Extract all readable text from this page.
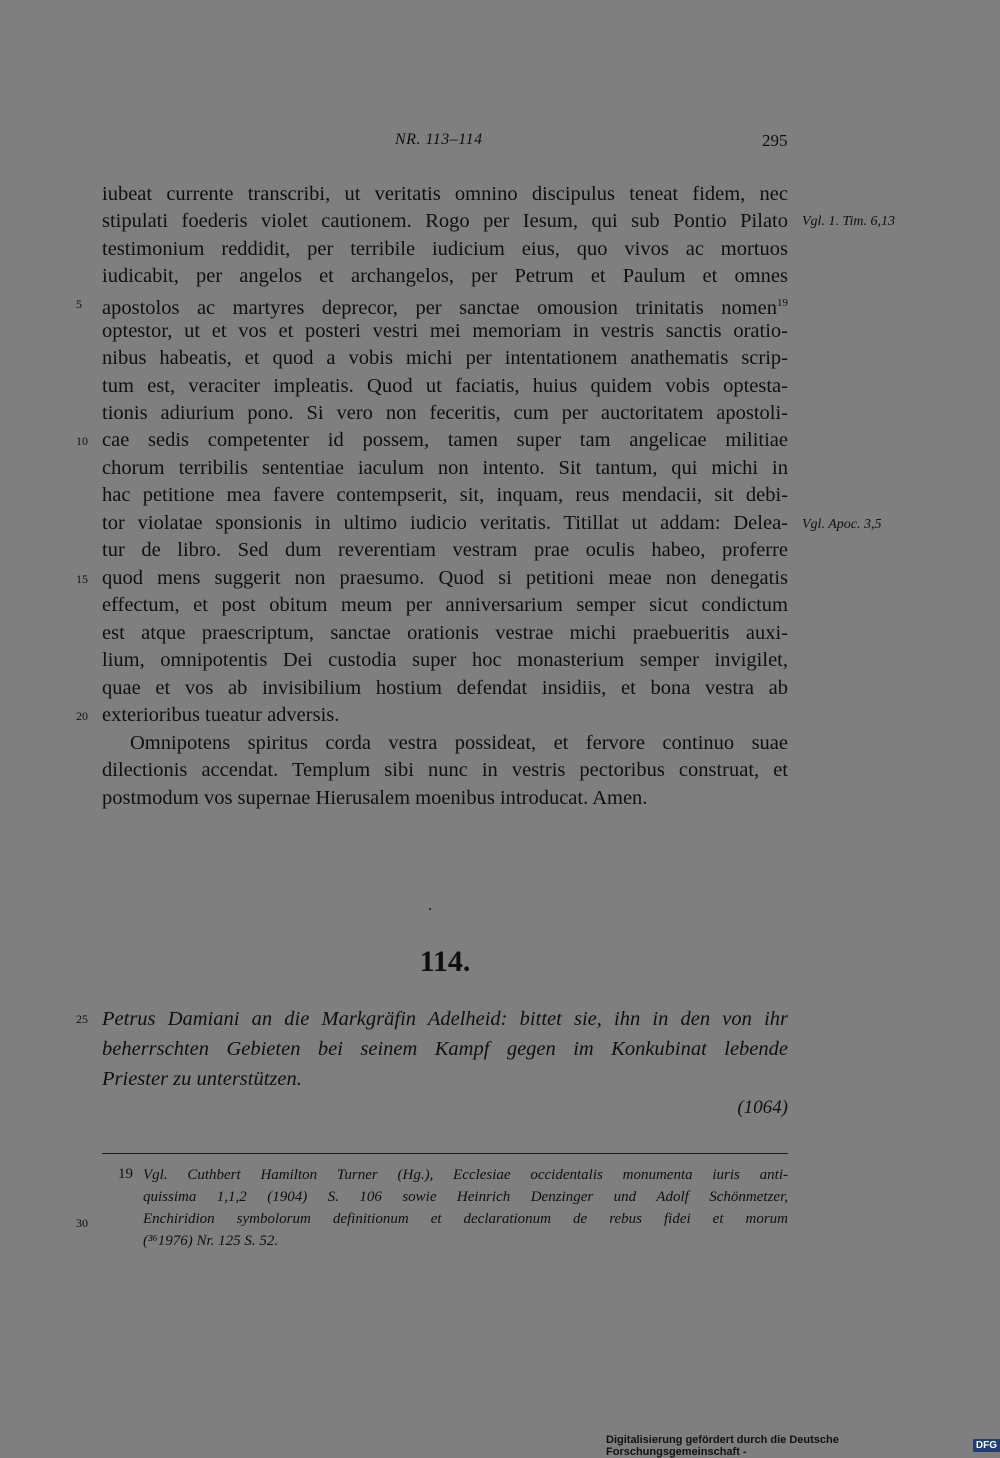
NR. 113–114	295
iubeat currente transcribi, ut veritatis omnino discipulus teneat fidem, nec
stipulati foederis violet cautionem. Rogo per Iesum, qui sub Pontio Pilato
testimonium reddidit, per terribile iudicium eius, quo vivos ac mortuos
iudicabit, per angelos et archangelos, per Petrum et Paulum et omnes
apostolos ac martyres deprecor, per sanctae omousion trinitatis nomen$^{19}$
optestor, ut et vos et posteri vestri mei memoriam in vestris sanctis oratio-
nibus habeatis, et quod a vobis michi per intentationem anathematis scrip-
tum est, veraciter impleatis. Quod ut faciatis, huius quidem vobis optesta-
tionis adiurium pono. Si vero non feceritis, cum per auctoritatem apostoli-
cae sedis competenter id possem, tamen super tam angelicae militiae
chorum terribilis sententiae iaculum non intento. Sit tantum, qui michi in
hac petitione mea favere contempserit, sit, inquam, reus mendacii, sit debi-
tor violatae sponsionis in ultimo iudicio veritatis. Titillat ut addam: Delea-
tur de libro. Sed dum reverentiam vestram prae oculis habeo, proferre
quod mens suggerit non praesumo. Quod si petitioni meae non denegatis
effectum, et post obitum meum per anniversarium semper sicut condictum
est atque praescriptum, sanctae orationis vestrae michi praebueritis auxi-
lium, omnipotentis Dei custodia super hoc monasterium semper invigilet,
quae et vos ab invisibilium hostium defendat insidiis, et bona vestra ab
exterioribus tueatur adversis.
Omnipotens spiritus corda vestra possideat, et fervore continuo suae
dilectionis accendat. Templum sibi nunc in vestris pectoribus construat, et
postmodum vos supernae Hierusalem moenibus introducat. Amen.
5
10
15
20
25
Vgl. 1. Tim. 6,13
Vgl. Apoc. 3,5
114.
Petrus Damiani an die Markgräfin Adelheid: bittet sie, ihn in den von ihr
beherrschten Gebieten bei seinem Kampf gegen im Konkubinat lebende
Priester zu unterstützen.
(1064)
19 Vgl. Cuthbert Hamilton Turner (Hg.), Ecclesiae occidentalis monumenta iuris anti-
quissima 1,1,2 (1904) S. 106 sowie Heinrich Denzinger und Adolf Schönmetzer,
Enchiridion symbolorum definitionum et declarationum de rebus fidei et morum
(³⁶1976) Nr. 125 S. 52.
30
Digitalisierung gefördert durch die Deutsche Forschungsgemeinschaft -	DFG
